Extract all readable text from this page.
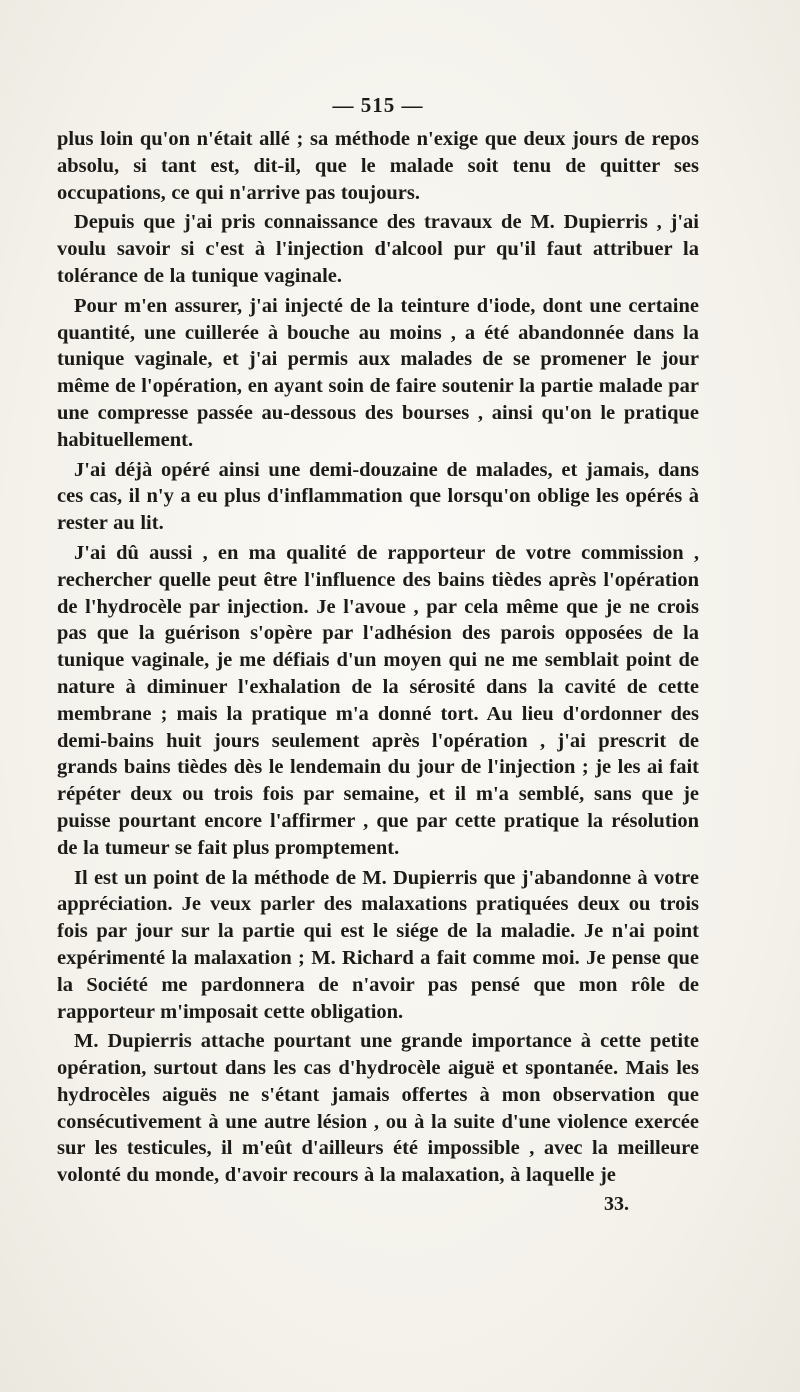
— 515 —

plus loin qu'on n'était allé ; sa méthode n'exige que deux jours de repos absolu, si tant est, dit-il, que le malade soit tenu de quitter ses occupations, ce qui n'arrive pas toujours.

Depuis que j'ai pris connaissance des travaux de M. Dupierris , j'ai voulu savoir si c'est à l'injection d'alcool pur qu'il faut attribuer la tolérance de la tunique vaginale.

Pour m'en assurer, j'ai injecté de la teinture d'iode, dont une certaine quantité, une cuillerée à bouche au moins , a été abandonnée dans la tunique vaginale, et j'ai permis aux malades de se promener le jour même de l'opération, en ayant soin de faire soutenir la partie malade par une compresse passée au-dessous des bourses , ainsi qu'on le pratique habituellement.

J'ai déjà opéré ainsi une demi-douzaine de malades, et jamais, dans ces cas, il n'y a eu plus d'inflammation que lorsqu'on oblige les opérés à rester au lit.

J'ai dû aussi , en ma qualité de rapporteur de votre commission , rechercher quelle peut être l'influence des bains tièdes après l'opération de l'hydrocèle par injection. Je l'avoue , par cela même que je ne crois pas que la guérison s'opère par l'adhésion des parois opposées de la tunique vaginale, je me défiais d'un moyen qui ne me semblait point de nature à diminuer l'exhalation de la sérosité dans la cavité de cette membrane ; mais la pratique m'a donné tort. Au lieu d'ordonner des demi-bains huit jours seulement après l'opération , j'ai prescrit de grands bains tièdes dès le lendemain du jour de l'injection ; je les ai fait répéter deux ou trois fois par semaine, et il m'a semblé, sans que je puisse pourtant encore l'affirmer , que par cette pratique la résolution de la tumeur se fait plus promptement.

Il est un point de la méthode de M. Dupierris que j'abandonne à votre appréciation. Je veux parler des malaxations pratiquées deux ou trois fois par jour sur la partie qui est le siége de la maladie. Je n'ai point expérimenté la malaxation ; M. Richard a fait comme moi. Je pense que la Société me pardonnera de n'avoir pas pensé que mon rôle de rapporteur m'imposait cette obligation.

M. Dupierris attache pourtant une grande importance à cette petite opération, surtout dans les cas d'hydrocèle aiguë et spontanée. Mais les hydrocèles aiguës ne s'étant jamais offertes à mon observation que consécutivement à une autre lésion , ou à la suite d'une violence exercée sur les testicules, il m'eût d'ailleurs été impossible , avec la meilleure volonté du monde, d'avoir recours à la malaxation, à laquelle je

33.
